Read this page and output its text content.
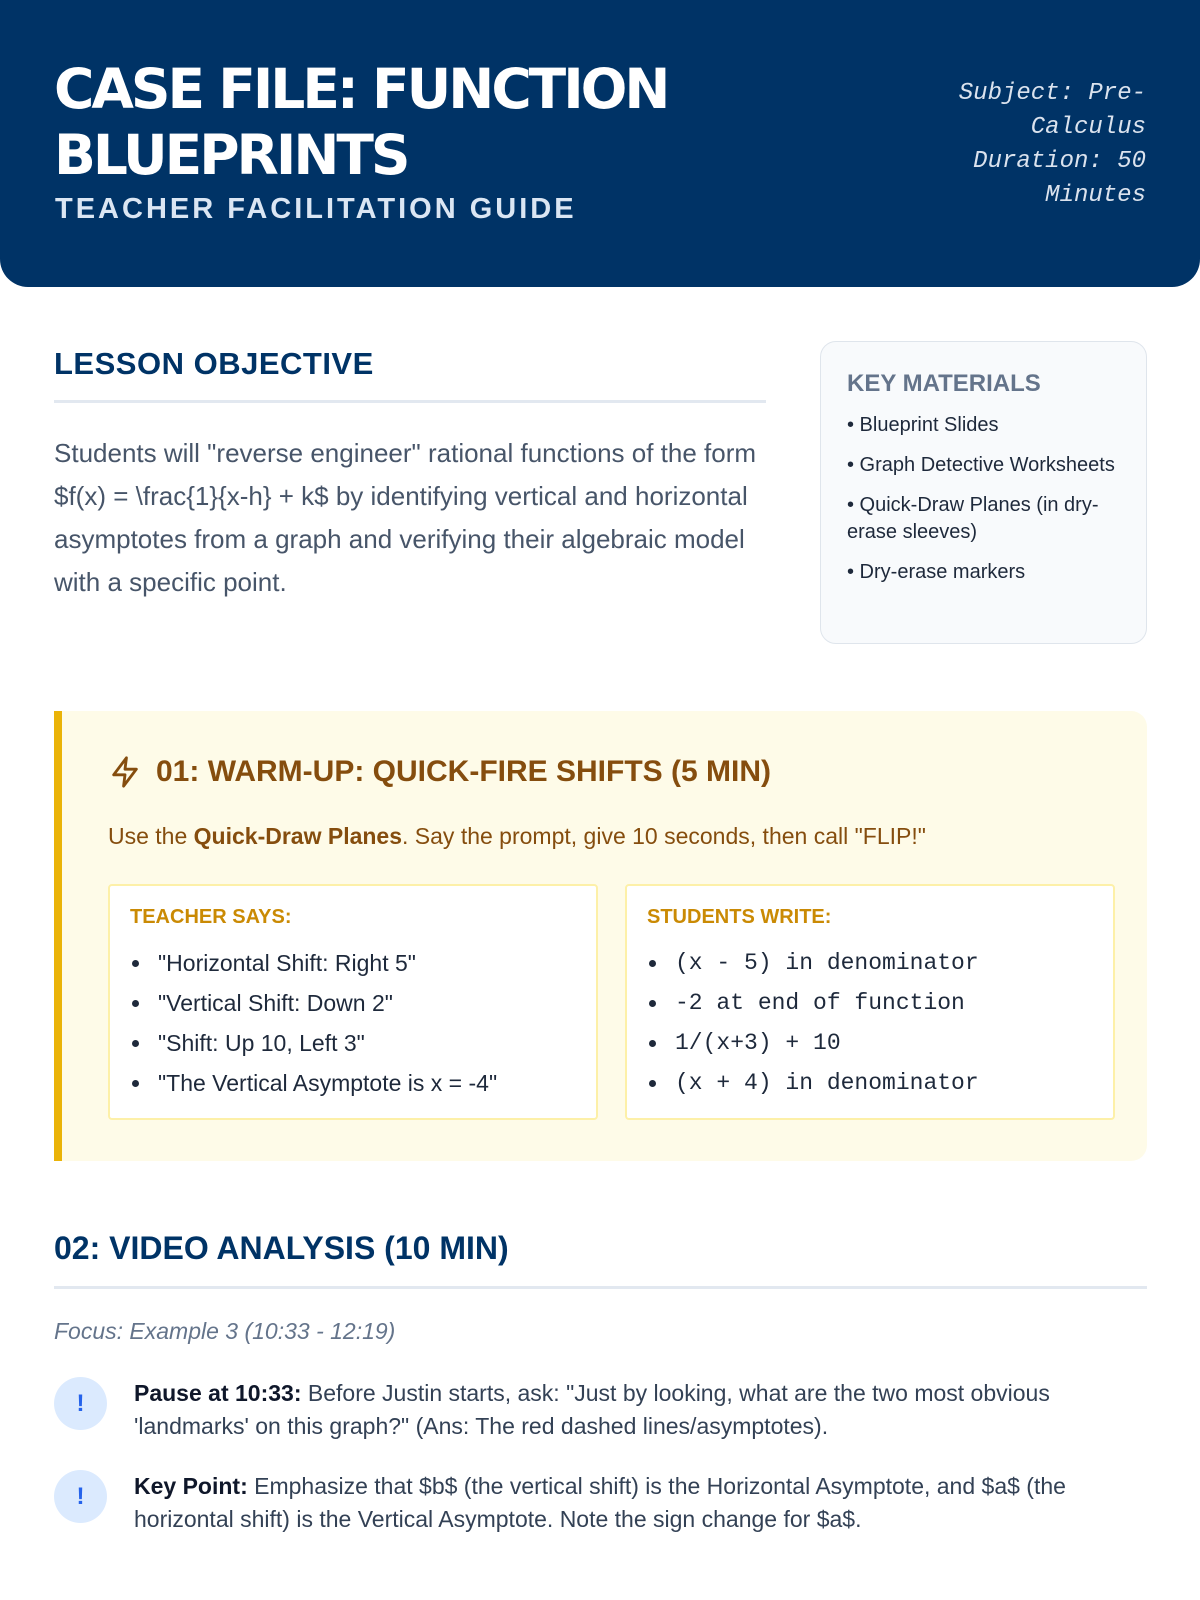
CASE FILE: FUNCTION BLUEPRINTS
TEACHER FACILITATION GUIDE
Subject: Pre-Calculus
Duration: 50 Minutes
LESSON OBJECTIVE
Students will "reverse engineer" rational functions of the form $f(x) = \frac{1}{x-h} + k$ by identifying vertical and horizontal asymptotes from a graph and verifying their algebraic model with a specific point.
KEY MATERIALS
• Blueprint Slides
• Graph Detective Worksheets
• Quick-Draw Planes (in dry-erase sleeves)
• Dry-erase markers
01: WARM-UP: QUICK-FIRE SHIFTS (5 MIN)
Use the Quick-Draw Planes. Say the prompt, give 10 seconds, then call "FLIP!"
TEACHER SAYS:
"Horizontal Shift: Right 5"
"Vertical Shift: Down 2"
"Shift: Up 10, Left 3"
"The Vertical Asymptote is x = -4"
STUDENTS WRITE:
(x - 5) in denominator
-2 at end of function
1/(x+3) + 10
(x + 4) in denominator
02: VIDEO ANALYSIS (10 MIN)
Focus: Example 3 (10:33 - 12:19)
!	Pause at 10:33: Before Justin starts, ask: "Just by looking, what are the two most obvious 'landmarks' on this graph?" (Ans: The red dashed lines/asymptotes).
!	Key Point: Emphasize that $b$ (the vertical shift) is the Horizontal Asymptote, and $a$ (the horizontal shift) is the Vertical Asymptote. Note the sign change for $a$.
